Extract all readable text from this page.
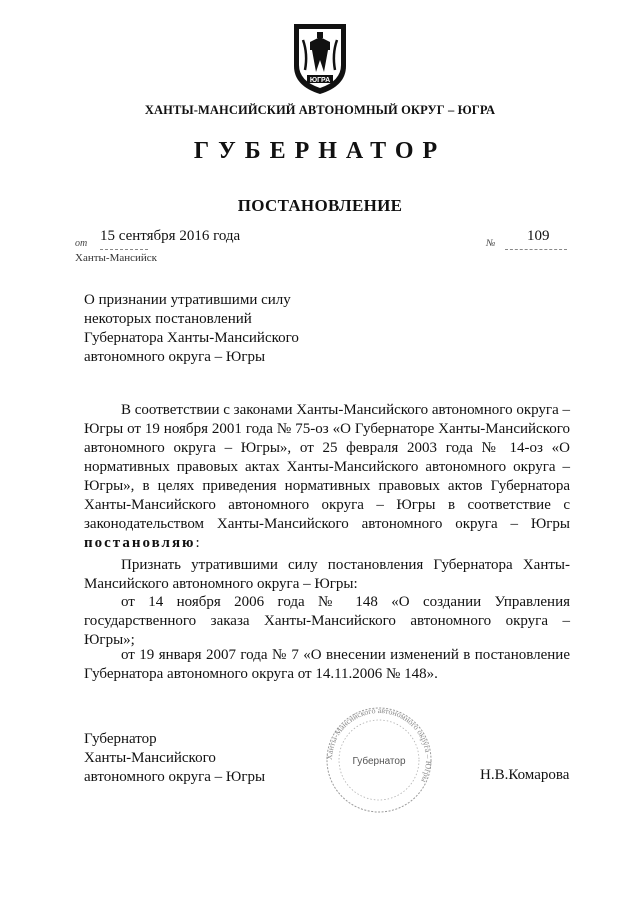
ЮГРА
ХАНТЫ-МАНСИЙСКИЙ АВТОНОМНЫЙ ОКРУГ – ЮГРА
ГУБЕРНАТОР
ПОСТАНОВЛЕНИЕ
от 15 сентября 2016 года	№ 109
Ханты-Мансийск
О признании утратившими силу
некоторых постановлений
Губернатора Ханты-Мансийского
автономного округа – Югры
В соответствии с законами Ханты-Мансийского автономного округа – Югры от 19 ноября 2001 года № 75-оз «О Губернаторе Ханты-Мансийского автономного округа – Югры», от 25 февраля 2003 года № 14-оз «О нормативных правовых актах Ханты-Мансийского автономного округа – Югры», в целях приведения нормативных правовых актов Губернатора Ханты-Мансийского автономного округа – Югры в соответствие с законодательством Ханты-Мансийского автономного округа – Югры постановляю:
Признать утратившими силу постановления Губернатора Ханты-Мансийского автономного округа – Югры:
от 14 ноября 2006 года № 148 «О создании Управления государственного заказа Ханты-Мансийского автономного округа – Югры»;
от 19 января 2007 года № 7 «О внесении изменений в постановление Губернатора автономного округа от 14.11.2006 № 148».
Губернатор
Ханты-Мансийского
автономного округа – Югры
Ханты-Мансийского автономного округа – Югры
Губернатор
Н.В.Комарова
